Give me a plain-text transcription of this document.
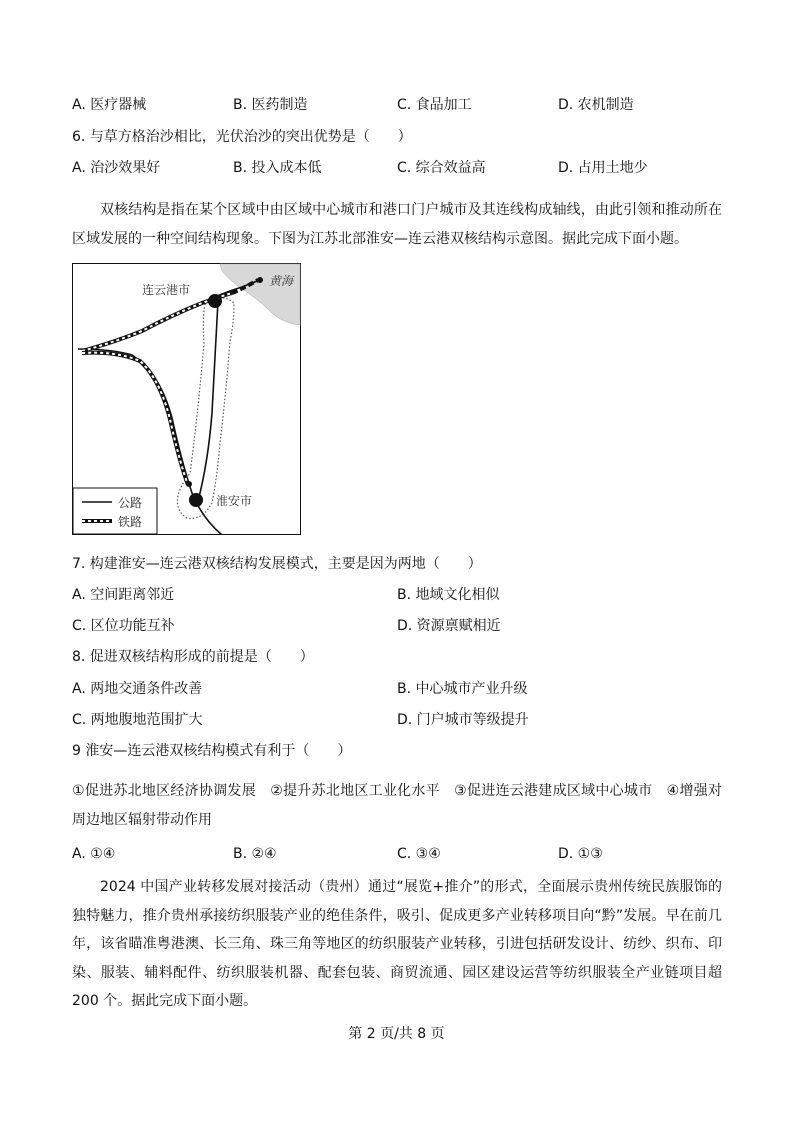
A. 医疗器械	B. 医药制造	C. 食品加工	D. 农机制造
6. 与草方格治沙相比，光伏治沙的突出优势是（　　）
A. 治沙效果好	B. 投入成本低	C. 综合效益高	D. 占用土地少
双核结构是指在某个区域中由区域中心城市和港口门户城市及其连线构成轴线，由此引领和推动所在区域发展的一种空间结构现象。下图为江苏北部淮安—连云港双核结构示意图。据此完成下面小题。
连云港市
黄海
淮安市
公路
铁路
7. 构建淮安—连云港双核结构发展模式，主要是因为两地（　　）
A. 空间距离邻近	B. 地域文化相似
C. 区位功能互补	D. 资源禀赋相近
8. 促进双核结构形成的前提是（　　）
A. 两地交通条件改善	B. 中心城市产业升级
C. 两地腹地范围扩大	D. 门户城市等级提升
9 淮安—连云港双核结构模式有利于（　　）
①促进苏北地区经济协调发展　②提升苏北地区工业化水平　③促进连云港建成区域中心城市　④增强对周边地区辐射带动作用
A. ①④	B. ②④	C. ③④	D. ①③
2024 中国产业转移发展对接活动（贵州）通过“展览+推介”的形式，全面展示贵州传统民族服饰的独特魅力，推介贵州承接纺织服装产业的绝佳条件，吸引、促成更多产业转移项目向“黔”发展。早在前几年，该省瞄准粤港澳、长三角、珠三角等地区的纺织服装产业转移，引进包括研发设计、纺纱、织布、印染、服装、辅料配件、纺织服装机器、配套包装、商贸流通、园区建设运营等纺织服装全产业链项目超200 个。据此完成下面小题。
第 2 页/共 8 页
